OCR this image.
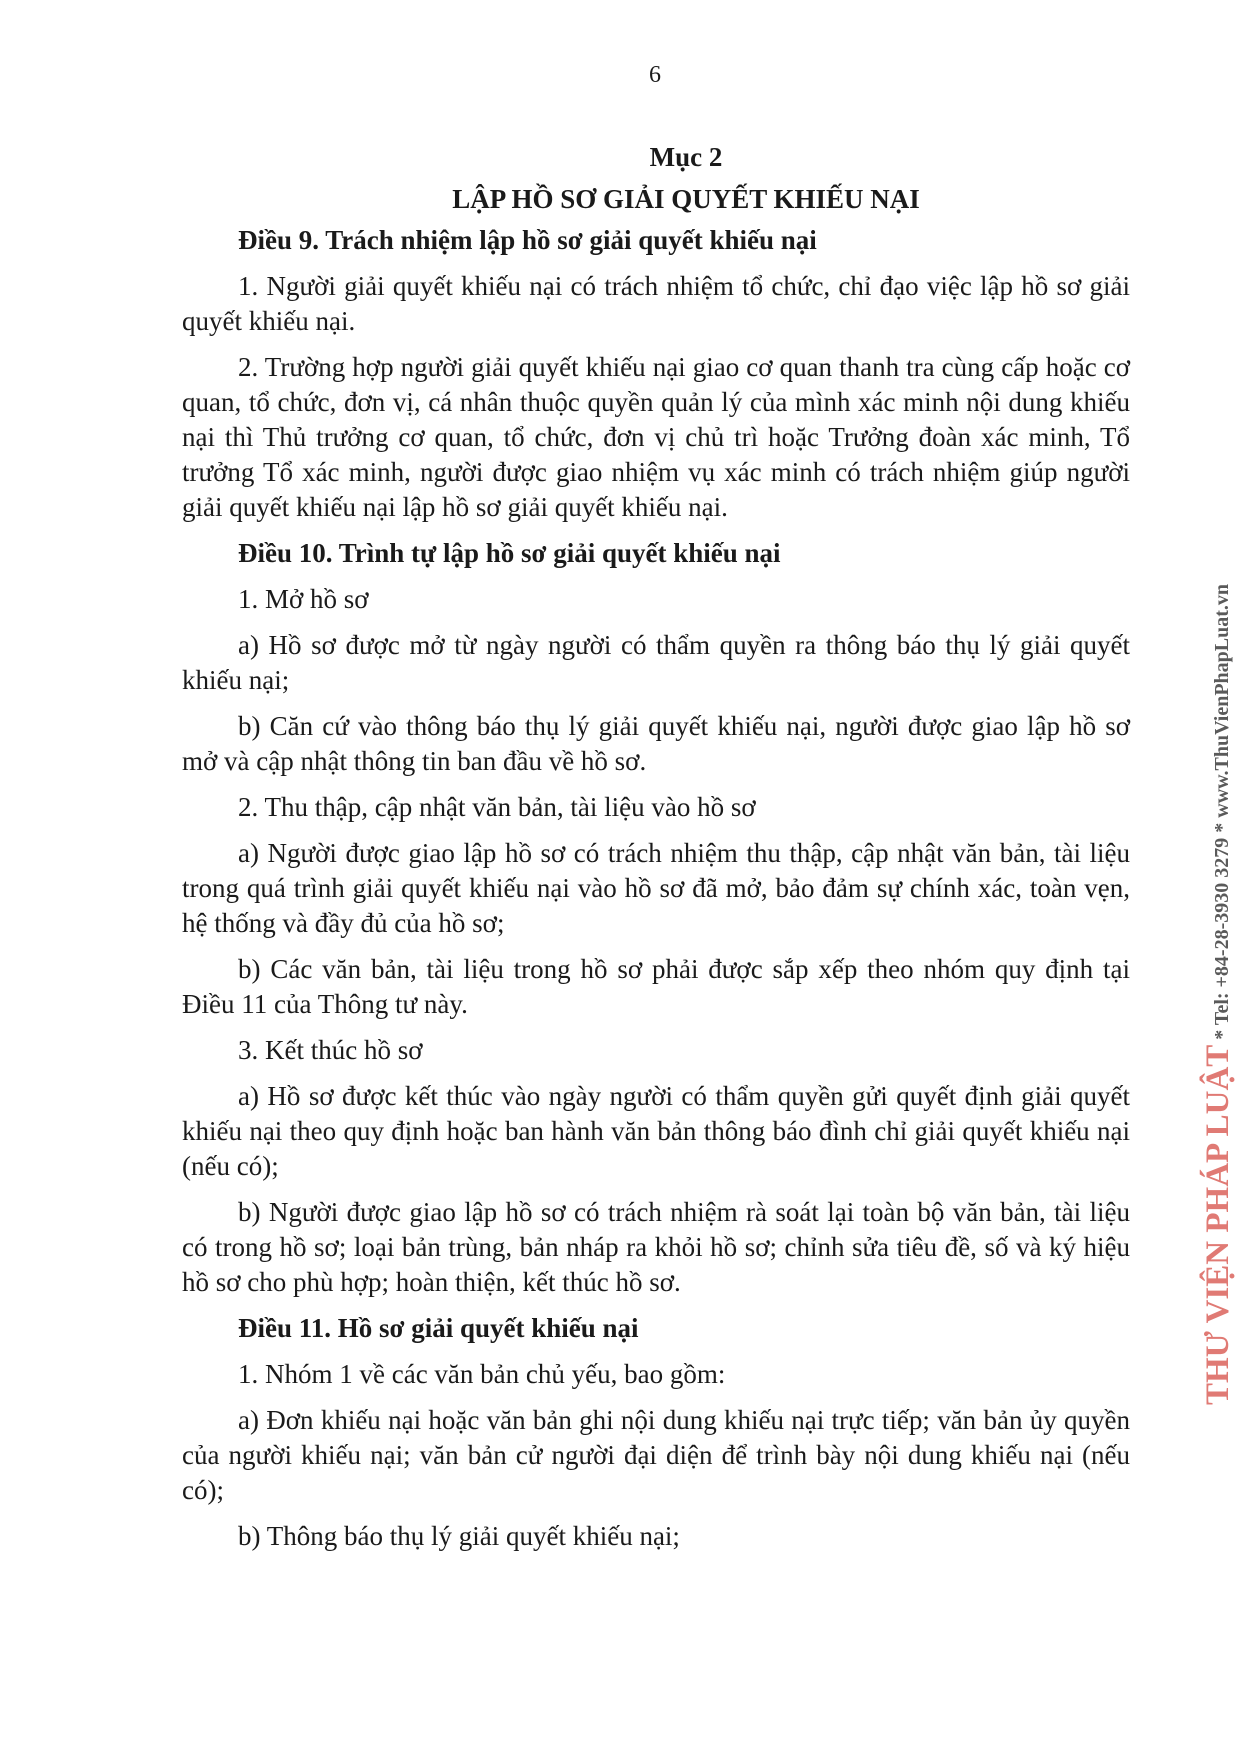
6
Mục 2
LẬP HỒ SƠ GIẢI QUYẾT KHIẾU NẠI
Điều 9. Trách nhiệm lập hồ sơ giải quyết khiếu nại
1. Người giải quyết khiếu nại có trách nhiệm tổ chức, chỉ đạo việc lập hồ sơ giải quyết khiếu nại.
2. Trường hợp người giải quyết khiếu nại giao cơ quan thanh tra cùng cấp hoặc cơ quan, tổ chức, đơn vị, cá nhân thuộc quyền quản lý của mình xác minh nội dung khiếu nại thì Thủ trưởng cơ quan, tổ chức, đơn vị chủ trì hoặc Trưởng đoàn xác minh, Tổ trưởng Tổ xác minh, người được giao nhiệm vụ xác minh có trách nhiệm giúp người giải quyết khiếu nại lập hồ sơ giải quyết khiếu nại.
Điều 10. Trình tự lập hồ sơ giải quyết khiếu nại
1. Mở hồ sơ
a) Hồ sơ được mở từ ngày người có thẩm quyền ra thông báo thụ lý giải quyết khiếu nại;
b) Căn cứ vào thông báo thụ lý giải quyết khiếu nại, người được giao lập hồ sơ mở và cập nhật thông tin ban đầu về hồ sơ.
2. Thu thập, cập nhật văn bản, tài liệu vào hồ sơ
a) Người được giao lập hồ sơ có trách nhiệm thu thập, cập nhật văn bản, tài liệu trong quá trình giải quyết khiếu nại vào hồ sơ đã mở, bảo đảm sự chính xác, toàn vẹn, hệ thống và đầy đủ của hồ sơ;
b) Các văn bản, tài liệu trong hồ sơ phải được sắp xếp theo nhóm quy định tại Điều 11 của Thông tư này.
3. Kết thúc hồ sơ
a) Hồ sơ được kết thúc vào ngày người có thẩm quyền gửi quyết định giải quyết khiếu nại theo quy định hoặc ban hành văn bản thông báo đình chỉ giải quyết khiếu nại (nếu có);
b) Người được giao lập hồ sơ có trách nhiệm rà soát lại toàn bộ văn bản, tài liệu có trong hồ sơ; loại bản trùng, bản nháp ra khỏi hồ sơ; chỉnh sửa tiêu đề, số và ký hiệu hồ sơ cho phù hợp; hoàn thiện, kết thúc hồ sơ.
Điều 11. Hồ sơ giải quyết khiếu nại
1. Nhóm 1 về các văn bản chủ yếu, bao gồm:
a) Đơn khiếu nại hoặc văn bản ghi nội dung khiếu nại trực tiếp; văn bản ủy quyền của người khiếu nại; văn bản cử người đại diện để trình bày nội dung khiếu nại (nếu có);
b) Thông báo thụ lý giải quyết khiếu nại;
THƯ VIỆN PHÁP LUẬT * Tel: +84-28-3930 3279 * www.ThuVienPhapLuat.vn
